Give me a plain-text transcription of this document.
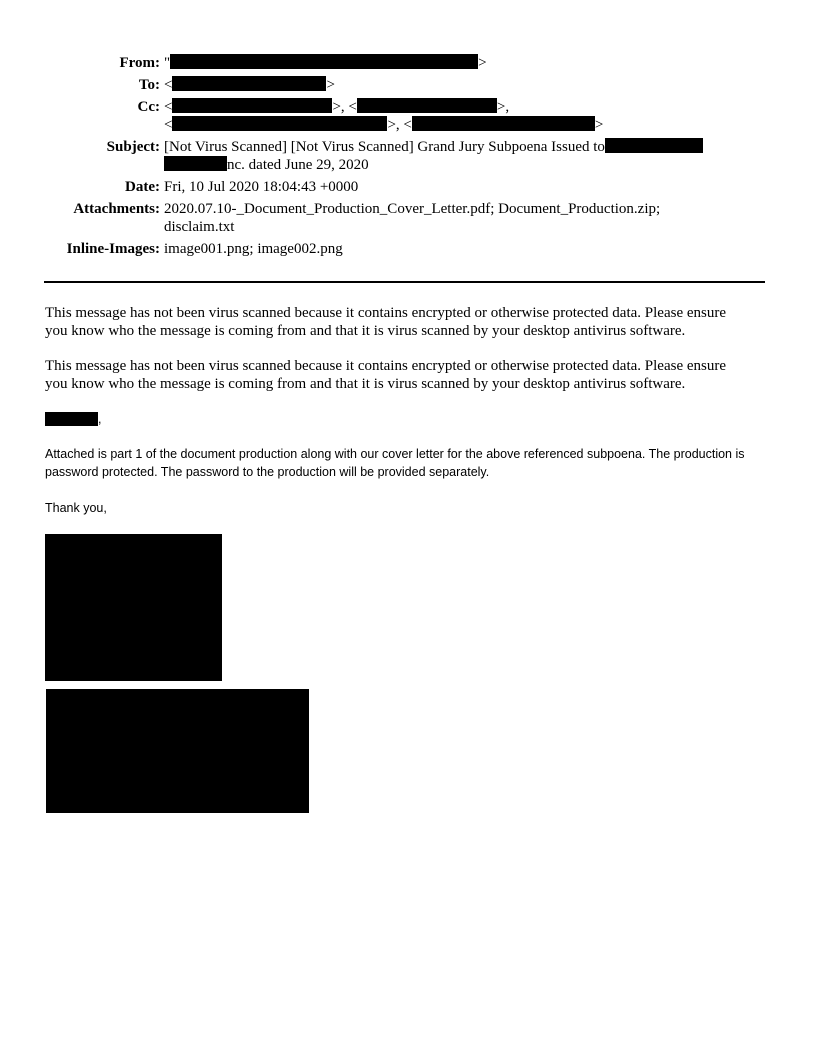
From: "	>
To: <	>
Cc: <	>, <	>,
<	>, <	>
Subject: [Not Virus Scanned] [Not Virus Scanned] Grand Jury Subpoena Issued to
nc. dated June 29, 2020
Date: Fri, 10 Jul 2020 18:04:43 +0000
Attachments: 2020.07.10-_Document_Production_Cover_Letter.pdf; Document_Production.zip;
disclaim.txt
Inline-Images: image001.png; image002.png
This message has not been virus scanned because it contains encrypted or otherwise protected data. Please ensure you know who the message is coming from and that it is virus scanned by your desktop antivirus software.
This message has not been virus scanned because it contains encrypted or otherwise protected data. Please ensure you know who the message is coming from and that it is virus scanned by your desktop antivirus software.
,
Attached is part 1 of the document production along with our cover letter for the above referenced subpoena. The production is password protected. The password to the production will be provided separately.
Thank you,
